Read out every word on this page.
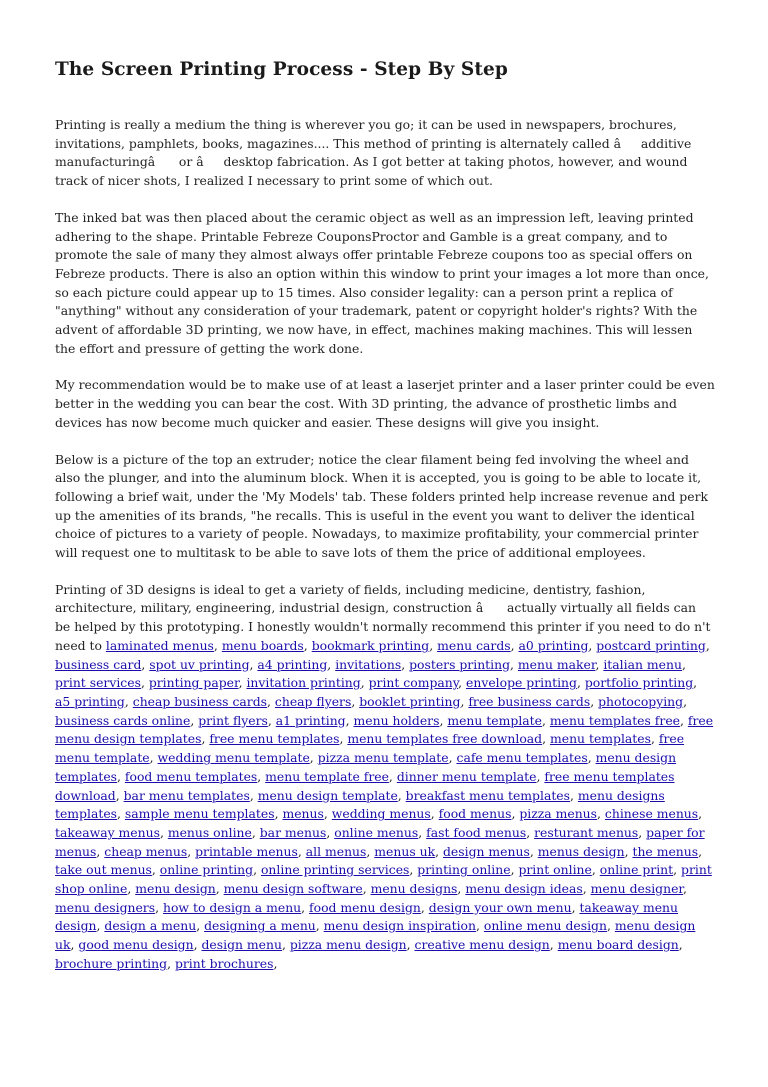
The Screen Printing Process - Step By Step

Printing is really a medium the thing is wherever you go; it can be used in newspapers, brochures, invitations, pamphlets, books, magazines.... This method of printing is alternately called âadditive manufacturingâ or âdesktop fabrication. As I got better at taking photos, however, and wound track of nicer shots, I realized I necessary to print some of which out.

The inked bat was then placed about the ceramic object as well as an impression left, leaving printed adhering to the shape. Printable Febreze CouponsProctor and Gamble is a great company, and to promote the sale of many they almost always offer printable Febreze coupons too as special offers on Febreze products. There is also an option within this window to print your images a lot more than once, so each picture could appear up to 15 times. Also consider legality: can a person print a replica of "anything" without any consideration of your trademark, patent or copyright holder's rights? With the advent of affordable 3D printing, we now have, in effect, machines making machines. This will lessen the effort and pressure of getting the work done.

My recommendation would be to make use of at least a laserjet printer and a laser printer could be even better in the wedding you can bear the cost. With 3D printing, the advance of prosthetic limbs and devices has now become much quicker and easier. These designs will give you insight.

Below is a picture of the top an extruder; notice the clear filament being fed involving the wheel and also the plunger, and into the aluminum block. When it is accepted, you is going to be able to locate it, following a brief wait, under the 'My Models' tab. These folders printed help increase revenue and perk up the amenities of its brands, "he recalls. This is useful in the event you want to deliver the identical choice of pictures to a variety of people. Nowadays, to maximize profitability, your commercial printer will request one to multitask to be able to save lots of them the price of additional employees.

Printing of 3D designs is ideal to get a variety of fields, including medicine, dentistry, fashion, architecture, military, engineering, industrial design, construction â actually virtually all fields can be helped by this prototyping. I honestly wouldn't normally recommend this printer if you need to do n't need to laminated menus, menu boards, bookmark printing, menu cards, a0 printing, postcard printing, business card, spot uv printing, a4 printing, invitations, posters printing, menu maker, italian menu, print services, printing paper, invitation printing, print company, envelope printing, portfolio printing, a5 printing, cheap business cards, cheap flyers, booklet printing, free business cards, photocopying, business cards online, print flyers, a1 printing, menu holders, menu template, menu templates free, free menu design templates, free menu templates, menu templates free download, menu templates, free menu template, wedding menu template, pizza menu template, cafe menu templates, menu design templates, food menu templates, menu template free, dinner menu template, free menu templates download, bar menu templates, menu design template, breakfast menu templates, menu designs templates, sample menu templates, menus, wedding menus, food menus, pizza menus, chinese menus, takeaway menus, menus online, bar menus, online menus, fast food menus, resturant menus, paper for menus, cheap menus, printable menus, all menus, menus uk, design menus, menus design, the menus, take out menus, online printing, online printing services, printing online, print online, online print, print shop online, menu design, menu design software, menu designs, menu design ideas, menu designer, menu designers, how to design a menu, food menu design, design your own menu, takeaway menu design, design a menu, designing a menu, menu design inspiration, online menu design, menu design uk, good menu design, design menu, pizza menu design, creative menu design, menu board design, brochure printing, print brochures,
